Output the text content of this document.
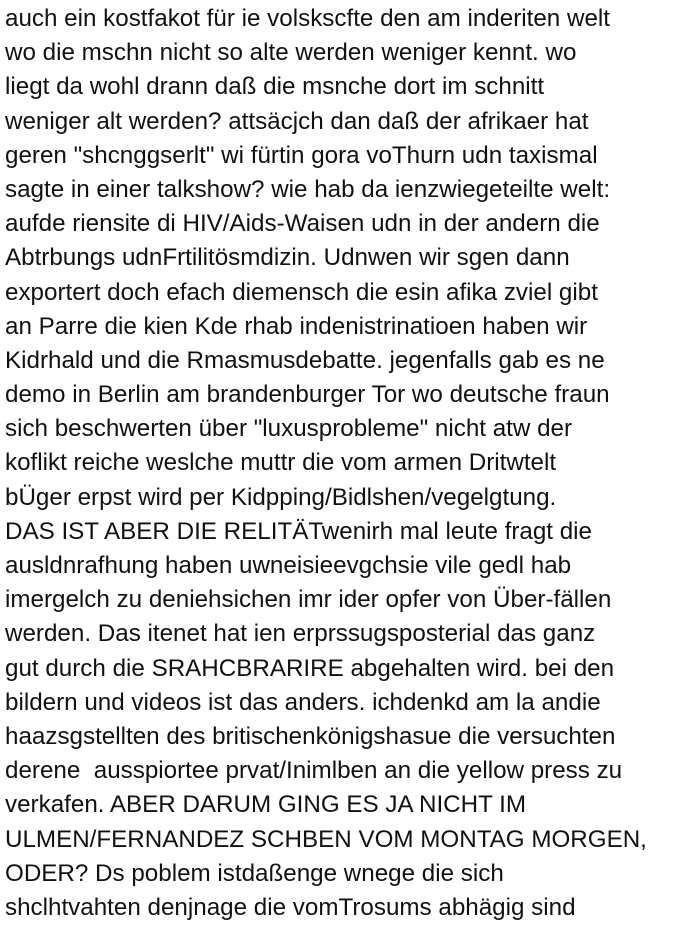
auch ein kostfakot für ie volsksc​fte den am inderiten welt
wo die mschn nicht so alte werden weniger kennt. wo
liegt da wohl drann daß die msnche dort im schnitt
weniger alt werden? attsäcjch dan daß der afrikaer hat
geren "shcnggserlt" wi fürtin gora voThurn udn taxismal
sagte in einer talkshow? wie hab da ienzwiegeteilte welt:
aufde riensite di HIV/Aids-Waisen udn in der andern die
Abtrbungs udnFrtilitösmdizin. Udnwen wir sgen dann
exportert doch efach diemensch die esin afika zviel gibt
an Parre die kien Kde rhab indenistrinatioen haben wir
Kidrhald und die Rmasmusdebatte. jegenfalls gab es ne
demo in Berlin am brandenburger Tor wo deutsche fraun
sich beschwerten über "luxusprobleme" nicht atw der
koflikt reiche weslche muttr die vom armen Dritwtelt
bÜger erpst wird per Kidpping/Bidlshen/vegelgtung.
DAS IST ABER DIE RELITÄTwenirh mal leute fragt die
ausldnrafhung haben uwneisieevgchsie vile gedl hab
imergelch zu deniehsichen imr ider opfer von Über-fällen
werden. Das itenet hat ien erprssugsposterial das ganz
gut durch die SRAHCBRARIRE abgehalten wird. bei den
bildern und videos ist das anders. ichdenkd am la andie
haazsgstellten des britischenkönigshasue die versuchten
derene  ausspiortee prvat/Inimlben an die yellow press zu
verkafen. ABER DARUM GING ES JA NICHT IM
ULMEN/FERNANDEZ SCHBEN VOM MONTAG MORGEN,
ODER? Ds poblem istdaßenge wnege die sich
shclhtvahten denjnage die vomTrosums abhägig sind
